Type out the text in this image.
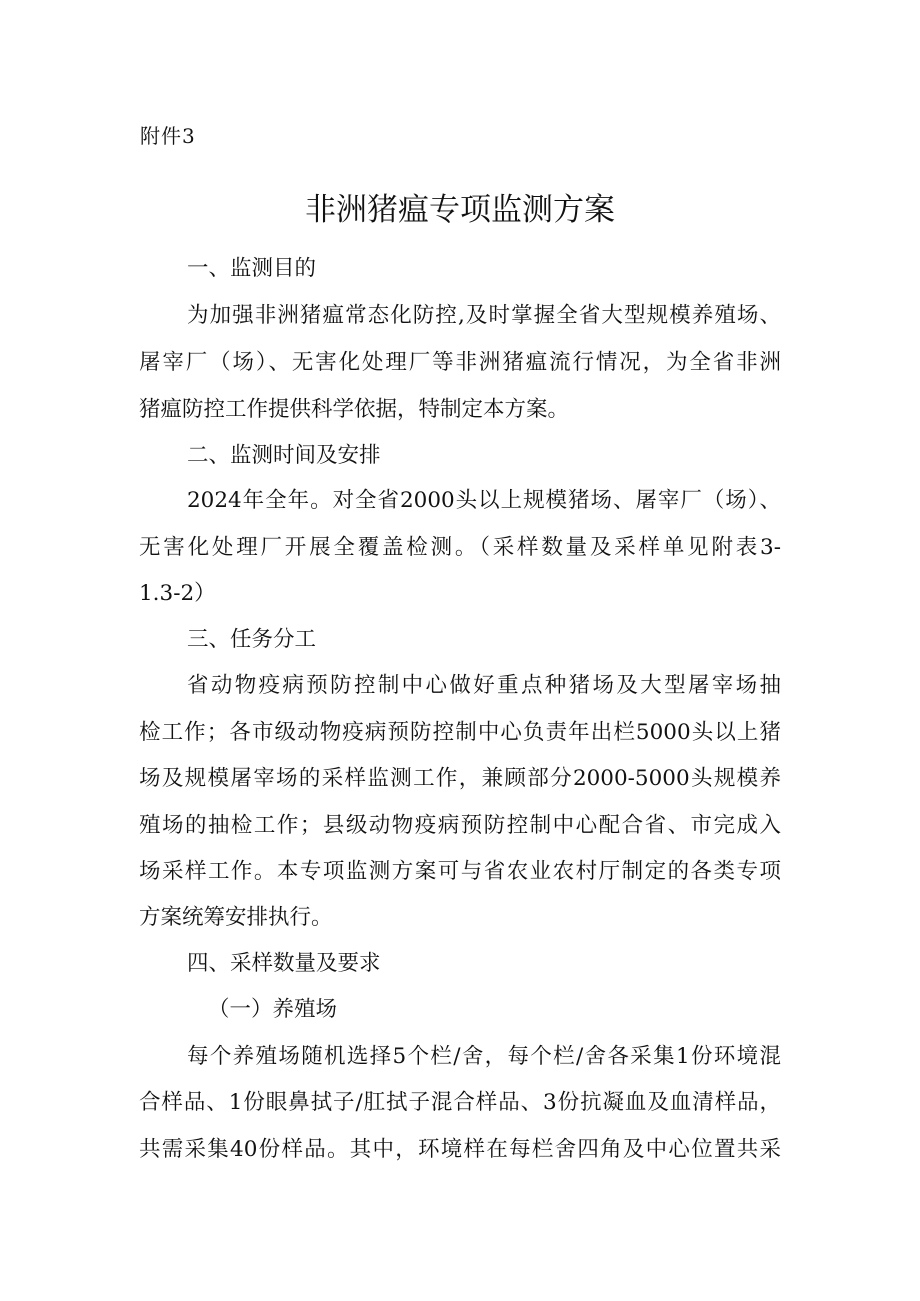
附件3
非洲猪瘟专项监测方案
一、监测目的
为加强非洲猪瘟常态化防控,及时掌握全省大型规模养殖场、
屠宰厂（场）、无害化处理厂等非洲猪瘟流行情况，为全省非洲
猪瘟防控工作提供科学依据，特制定本方案。
二、监测时间及安排
2024年全年。对全省2000头以上规模猪场、屠宰厂（场）、
无害化处理厂开展全覆盖检测。（采样数量及采样单见附表3-
1.3-2）
三、任务分工
省动物疫病预防控制中心做好重点种猪场及大型屠宰场抽
检工作；各市级动物疫病预防控制中心负责年出栏5000头以上猪
场及规模屠宰场的采样监测工作，兼顾部分2000-5000头规模养
殖场的抽检工作；县级动物疫病预防控制中心配合省、市完成入
场采样工作。本专项监测方案可与省农业农村厅制定的各类专项
方案统筹安排执行。
四、采样数量及要求
（一）养殖场
每个养殖场随机选择5个栏/舍，每个栏/舍各采集1份环境混
合样品、1份眼鼻拭子/肛拭子混合样品、3份抗凝血及血清样品，
共需采集40份样品。其中，环境样在每栏舍四角及中心位置共采
